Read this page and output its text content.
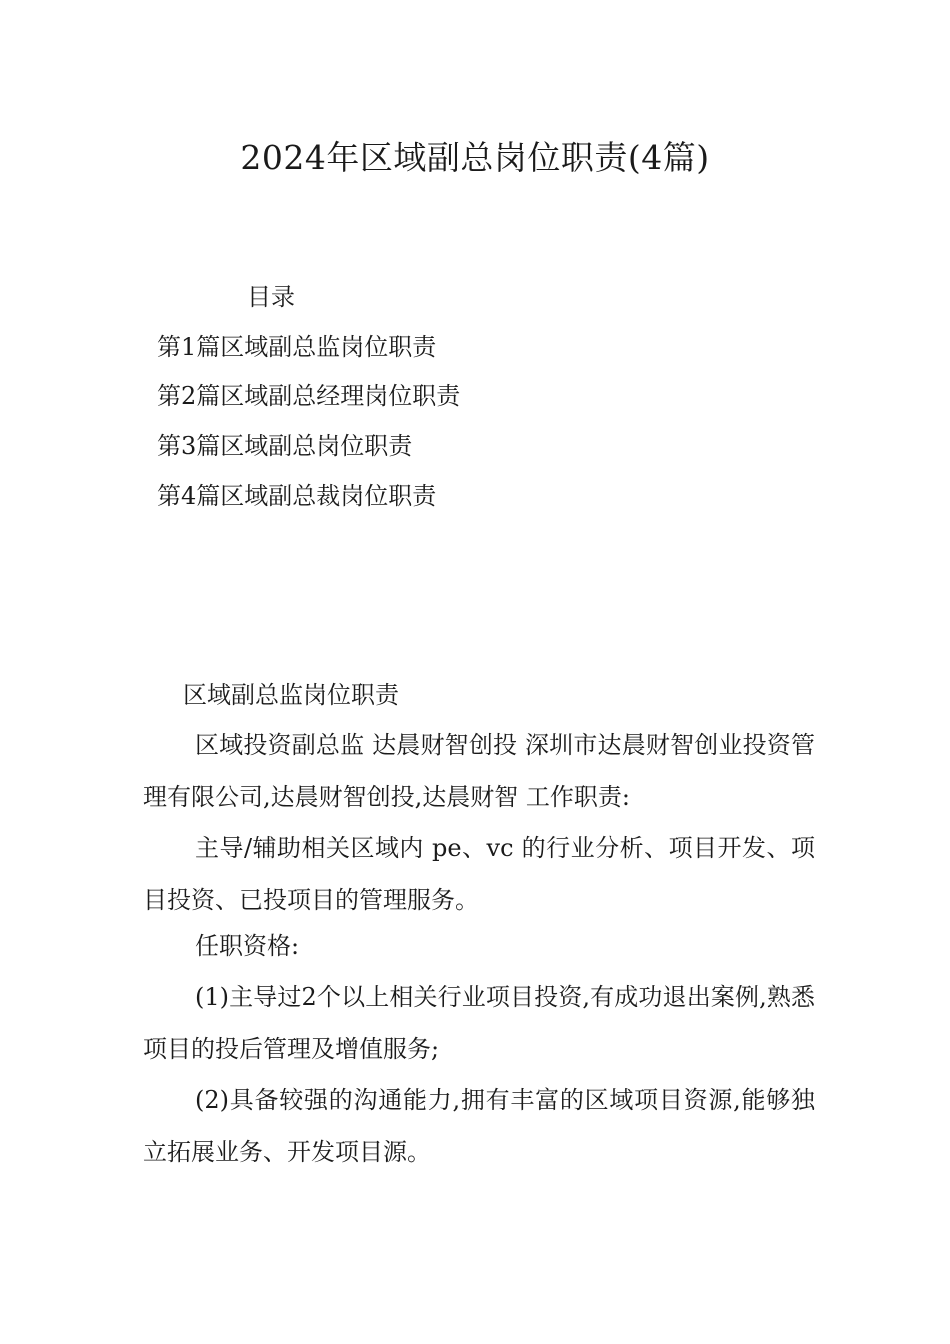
2024年区域副总岗位职责(4篇)
目录
第1篇区域副总监岗位职责
第2篇区域副总经理岗位职责
第3篇区域副总岗位职责
第4篇区域副总裁岗位职责
区域副总监岗位职责

区域投资副总监 达晨财智创投 深圳市达晨财智创业投资管理有限公司,达晨财智创投,达晨财智 工作职责:

主导/辅助相关区域内 pe、vc 的行业分析、项目开发、项目投资、已投项目的管理服务。

任职资格:

(1)主导过2个以上相关行业项目投资,有成功退出案例,熟悉项目的投后管理及增值服务;

(2)具备较强的沟通能力,拥有丰富的区域项目资源,能够独立拓展业务、开发项目源。
